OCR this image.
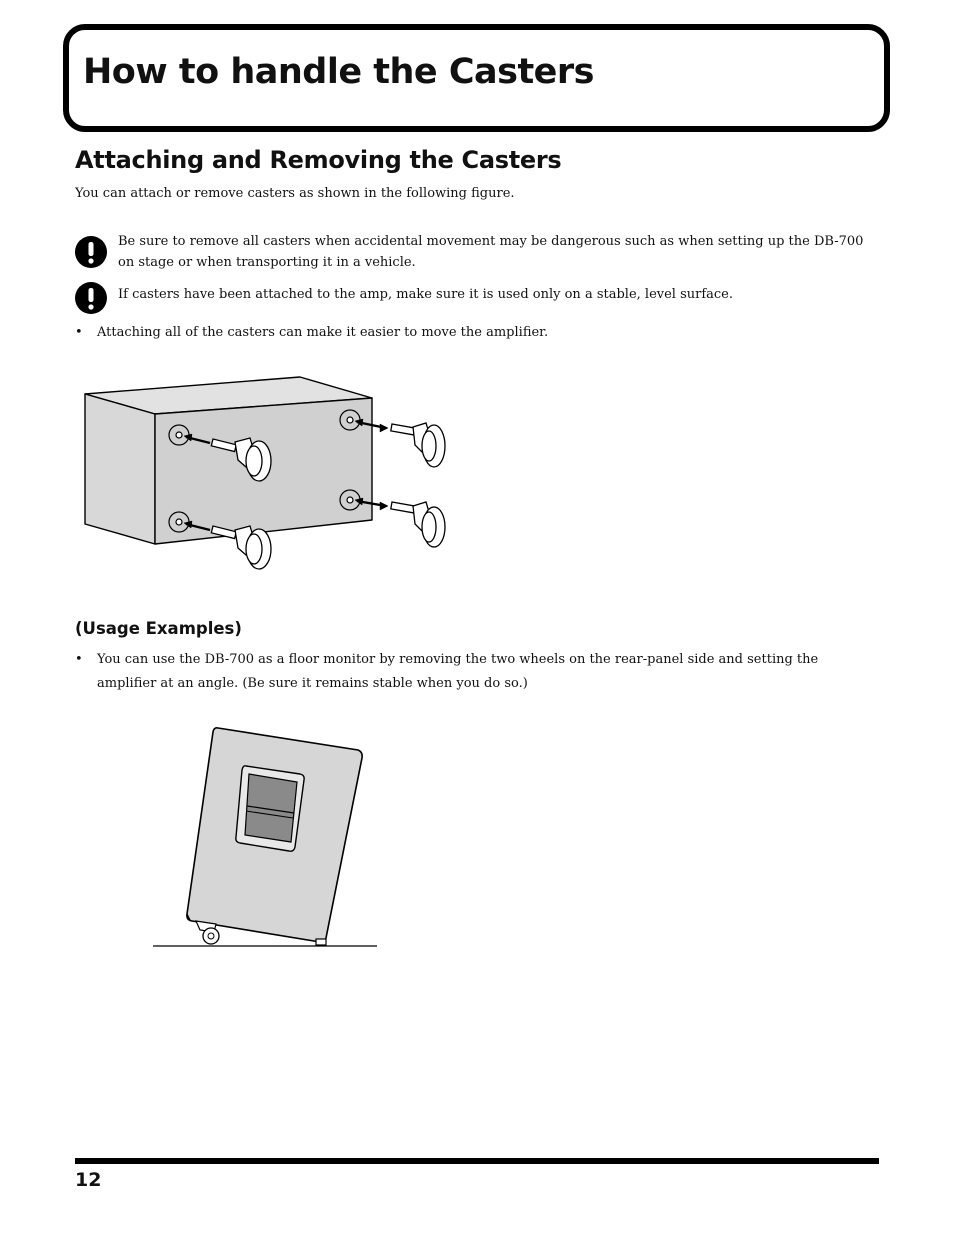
How to handle the Casters
Attaching and Removing the Casters
You can attach or remove casters as shown in the following figure.
Be sure to remove all casters when accidental movement may be dangerous such as when setting up the DB-700 on stage or when transporting it in a vehicle.
If casters have been attached to the amp, make sure it is used only on a stable, level surface.
• Attaching all of the casters can make it easier to move the amplifier.
(Usage Examples)
• You can use the DB-700 as a floor monitor by removing the two wheels on the rear-panel side and setting the amplifier at an angle. (Be sure it remains stable when you do so.)
12
